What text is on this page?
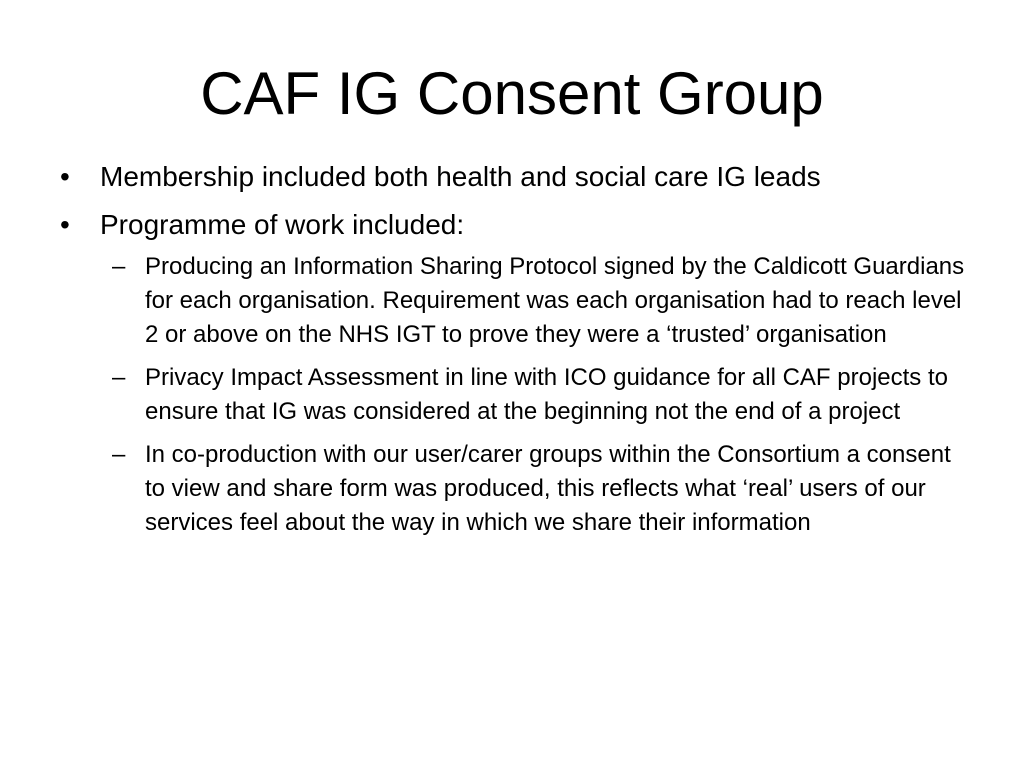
CAF IG Consent Group
•	Membership included both health and social care IG leads
•	Programme of work included:
– Producing an Information Sharing Protocol signed by the Caldicott Guardians for each organisation. Requirement was each organisation had to reach level 2 or above on the NHS IGT to prove they were a ‘trusted’ organisation
– Privacy Impact Assessment in line with ICO guidance for all CAF projects to ensure that IG was considered at the beginning not the end of a project
– In co-production with our user/carer groups within the Consortium a consent to view and share form was produced, this reflects what ‘real’ users of our services feel about the way in which we share their information
